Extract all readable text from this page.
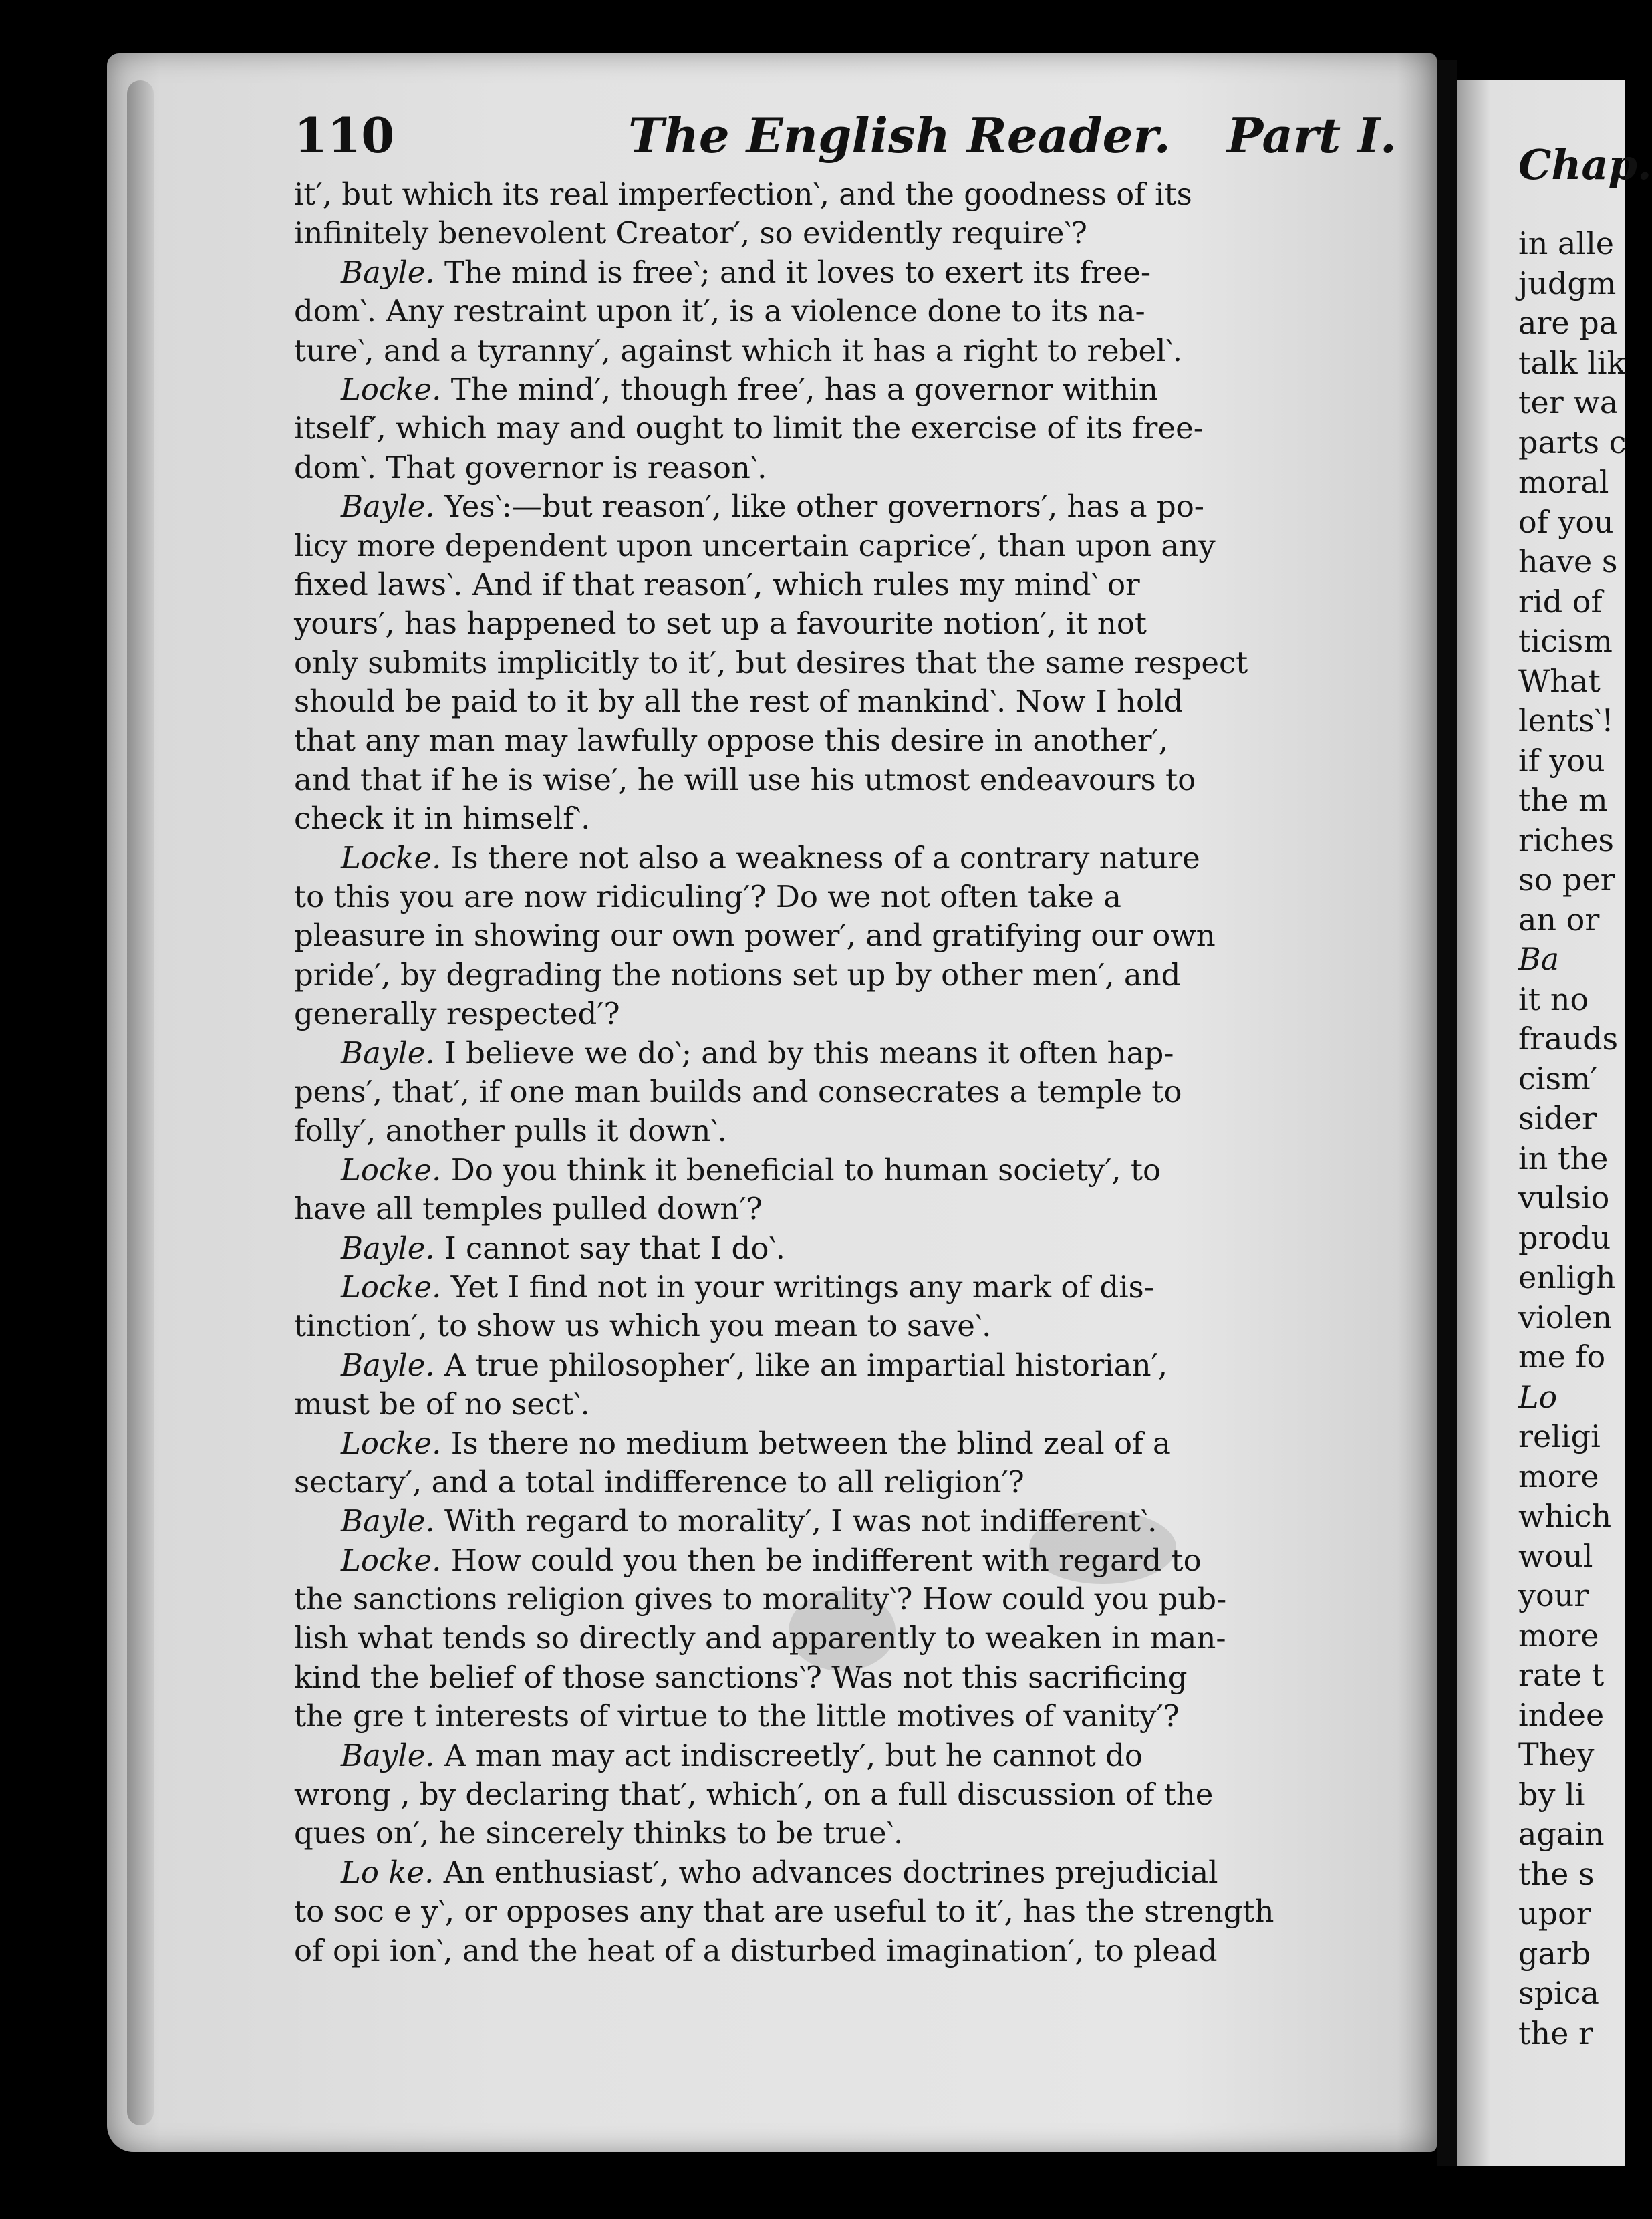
110	The English Reader. Part I.
it′, but which its real imperfection‵, and the goodness of its
infinitely benevolent Creator′, so evidently require‵?
Bayle. The mind is free‵; and it loves to exert its free-
dom‵. Any restraint upon it′, is a violence done to its na-
ture‵, and a tyranny′, against which it has a right to rebel‵.
Locke. The mind′, though free′, has a governor within
itself′, which may and ought to limit the exercise of its free-
dom‵. That governor is reason‵.
Bayle. Yes‵:—but reason′, like other governors′, has a po-
licy more dependent upon uncertain caprice′, than upon any
fixed laws‵. And if that reason′, which rules my mind‵ or
yours′, has happened to set up a favourite notion′, it not
only submits implicitly to it′, but desires that the same respect
should be paid to it by all the rest of mankind‵. Now I hold
that any man may lawfully oppose this desire in another′,
and that if he is wise′, he will use his utmost endeavours to
check it in himself‵.
Locke. Is there not also a weakness of a contrary nature
to this you are now ridiculing′? Do we not often take a
pleasure in showing our own power′, and gratifying our own
pride′, by degrading the notions set up by other men′, and
generally respected′?
Bayle. I believe we do‵; and by this means it often hap-
pens′, that′, if one man builds and consecrates a temple to
folly′, another pulls it down‵.
Locke. Do you think it beneficial to human society′, to
have all temples pulled down′?
Bayle. I cannot say that I do‵.
Locke. Yet I find not in your writings any mark of dis-
tinction′, to show us which you mean to save‵.
Bayle. A true philosopher′, like an impartial historian′,
must be of no sect‵.
Locke. Is there no medium between the blind zeal of a
sectary′, and a total indifference to all religion′?
Bayle. With regard to morality′, I was not indifferent‵.
Locke. How could you then be indifferent with regard to
the sanctions religion gives to morality‵? How could you pub-
lish what tends so directly and apparently to weaken in man-
kind the belief of those sanctions‵? Was not this sacrificing
the gre t interests of virtue to the little motives of vanity′?
Bayle. A man may act indiscreetly′, but he cannot do
wrong , by declaring that′, which′, on a full discussion of the
ques on′, he sincerely thinks to be true‵.
Lo ke. An enthusiast′, who advances doctrines prejudicial
to soc e y‵, or opposes any that are useful to it′, has the strength
of opi ion‵, and the heat of a disturbed imagination′, to plead
Chap.
in alle
judgm
are pa
talk lik
ter wa
parts c
moral
of you
have s
rid of
ticism
What
lents‵!
if you
the m
riches
so per
an or
Ba
it no
frauds
cism′
sider
in the
vulsio
produ
enligh
violen
me fo
Lo
religi
more
which
woul
your
more
rate t
indee
They
by li
again
the s
upor
garb
spica
the r
